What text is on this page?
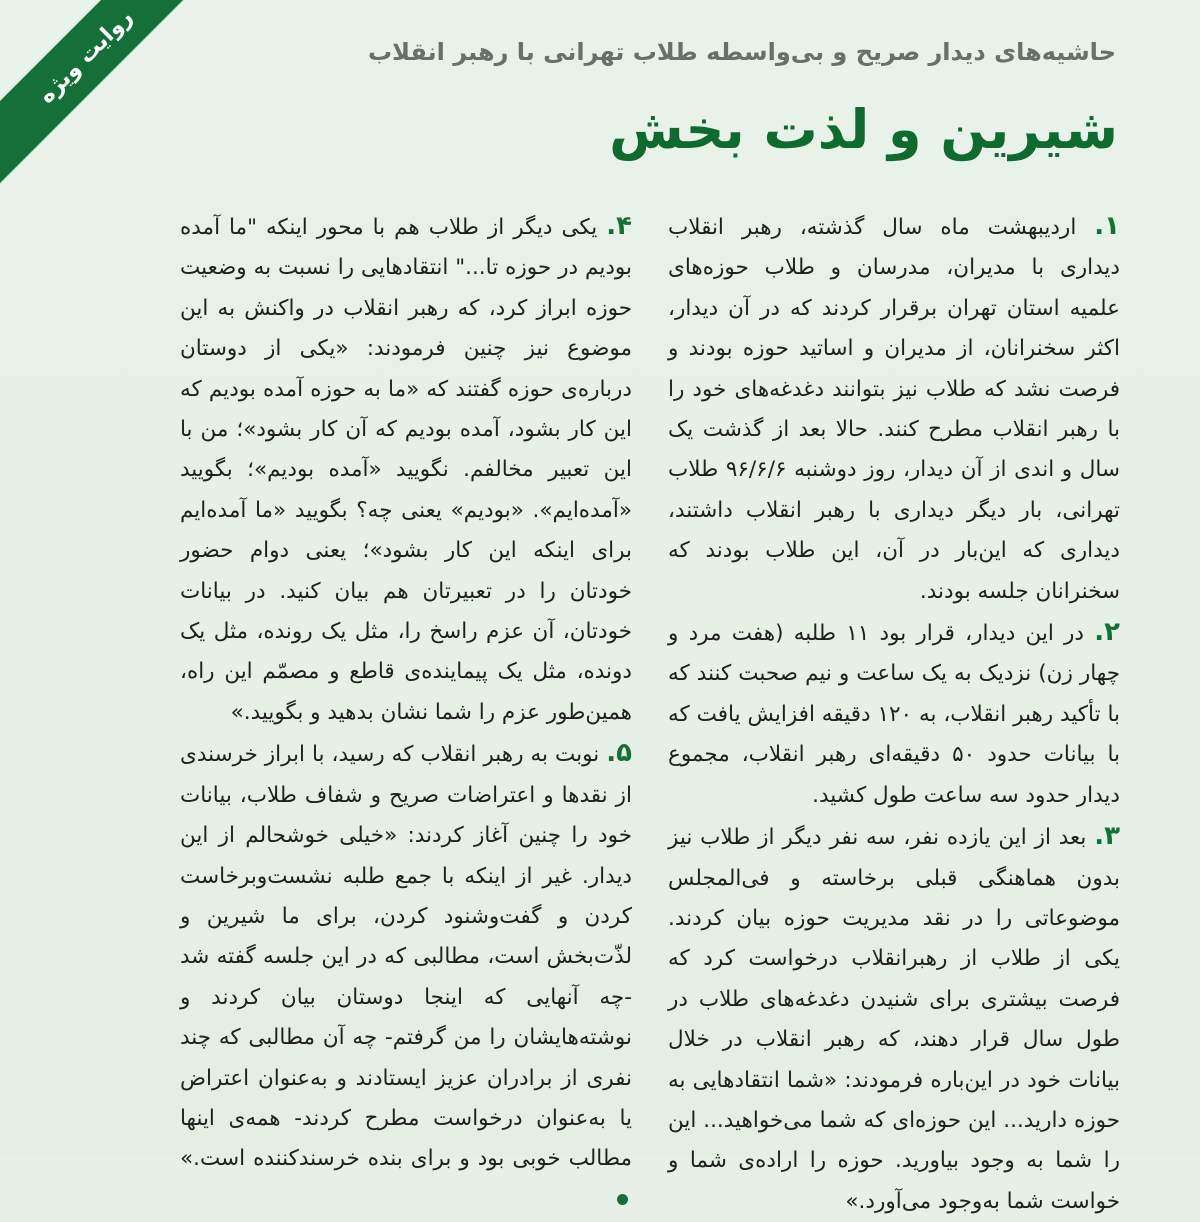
روایت ویژه	حاشیه‌های دیدار صریح و بی‌واسطه طلاب تهرانی با رهبر انقلاب
شیرین و لذت بخش

۱. اردیبهشت ماه سال گذشته، رهبر انقلاب دیداری با مدیران، مدرسان و طلاب حوزه‌های علمیه استان تهران برقرار کردند که در آن دیدار، اکثر سخنرانان، از مدیران و اساتید حوزه بودند و فرصت نشد که طلاب نیز بتوانند دغدغه‌های خود را با رهبر انقلاب مطرح کنند. حالا بعد از گذشت یک سال و اندی از آن دیدار، روز دوشنبه ۹۶/۶/۶ طلاب تهرانی، بار دیگر دیداری با رهبر انقلاب داشتند، دیداری که این‌بار در آن، این طلاب بودند که سخنرانان جلسه بودند.

۲. در این دیدار، قرار بود ۱۱ طلبه (هفت مرد و چهار زن) نزدیک به یک ساعت و نیم صحبت کنند که با تأکید رهبر انقلاب، به ۱۲۰ دقیقه افزایش یافت که با بیانات حدود ۵۰ دقیقه‌ای رهبر انقلاب، مجموع دیدار حدود سه ساعت طول کشید.

۳. بعد از این یازده نفر، سه نفر دیگر از طلاب نیز بدون هماهنگی قبلی برخاسته و فی‌المجلس موضوعاتی را در نقد مدیریت حوزه بیان کردند. یکی از طلاب از رهبرانقلاب درخواست کرد که فرصت بیشتری برای شنیدن دغدغه‌های طلاب در طول سال قرار دهند، که رهبر انقلاب در خلال بیانات خود در این‌باره فرمودند: «شما انتقادهایی به حوزه دارید... این حوزه‌ای که شما می‌خواهید... این را شما به وجود بیاورید. حوزه را اراده‌ی شما و خواست شما به‌وجود می‌آورد.»

۴. یکی دیگر از طلاب هم با محور اینکه "ما آمده بودیم در حوزه تا..." انتقادهایی را نسبت به وضعیت حوزه ابراز کرد، که رهبر انقلاب در واکنش به این موضوع نیز چنین فرمودند: «یکی از دوستان درباره‌ی حوزه گفتند که «ما به حوزه آمده بودیم که این کار بشود، آمده بودیم که آن کار بشود»؛ من با این تعبیر مخالفم. نگویید «آمده بودیم»؛ بگویید «آمده‌ایم». «بودیم» یعنی چه؟ بگویید «ما آمده‌ایم برای اینکه این کار بشود»؛ یعنی دوام حضور خودتان را در تعبیرتان هم بیان کنید. در بیانات خودتان، آن عزم راسخ را، مثل یک رونده، مثل یک دونده، مثل یک پیماینده‌ی قاطع و مصمّم این راه، همین‌طور عزم را شما نشان بدهید و بگویید.»

۵. نوبت به رهبر انقلاب که رسید، با ابراز خرسندی از نقدها و اعتراضات صریح و شفاف طلاب، بیانات خود را چنین آغاز کردند: «خیلی خوشحالم از این دیدار. غیر از اینکه با جمع طلبه نشست‌وبرخاست کردن و گفت‌وشنود کردن، برای ما شیرین و لذّت‌بخش است، مطالبی که در این جلسه گفته شد -چه آنهایی که اینجا دوستان بیان کردند و نوشته‌هایشان را من گرفتم- چه آن مطالبی که چند نفری از برادران عزیز ایستادند و به‌عنوان اعتراض یا به‌عنوان درخواست مطرح کردند- همه‌ی اینها مطالب خوبی بود و برای بنده خرسندکننده است.»
